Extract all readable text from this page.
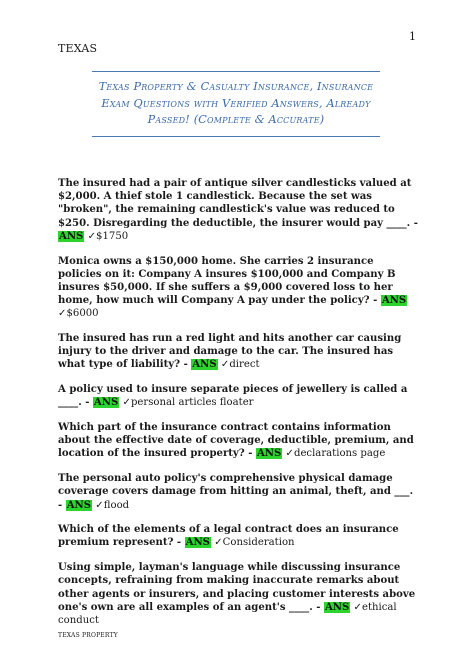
1
TEXAS
Texas Property & Casualty Insurance, Insurance Exam Questions with Verified Answers, Already Passed! (Complete & Accurate)

The insured had a pair of antique silver candlesticks valued at $2,000. A thief stole 1 candlestick. Because the set was "broken", the remaining candlestick's value was reduced to $250. Disregarding the deductible, the insurer would pay ____. - ANS ✓$1750

Monica owns a $150,000 home. She carries 2 insurance policies on it: Company A insures $100,000 and Company B insures $50,000. If she suffers a $9,000 covered loss to her home, how much will Company A pay under the policy? - ANS ✓$6000

The insured has run a red light and hits another car causing injury to the driver and damage to the car. The insured has what type of liability? - ANS ✓direct

A policy used to insure separate pieces of jewellery is called a ____. - ANS ✓personal articles floater

Which part of the insurance contract contains information about the effective date of coverage, deductible, premium, and location of the insured property? - ANS ✓declarations page

The personal auto policy's comprehensive physical damage coverage covers damage from hitting an animal, theft, and ___. - ANS ✓flood

Which of the elements of a legal contract does an insurance premium represent? - ANS ✓Consideration

Using simple, layman's language while discussing insurance concepts, refraining from making inaccurate remarks about other agents or insurers, and placing customer interests above one's own are all examples of an agent's ____. - ANS ✓ethical conduct

TEXAS PROPERTY
